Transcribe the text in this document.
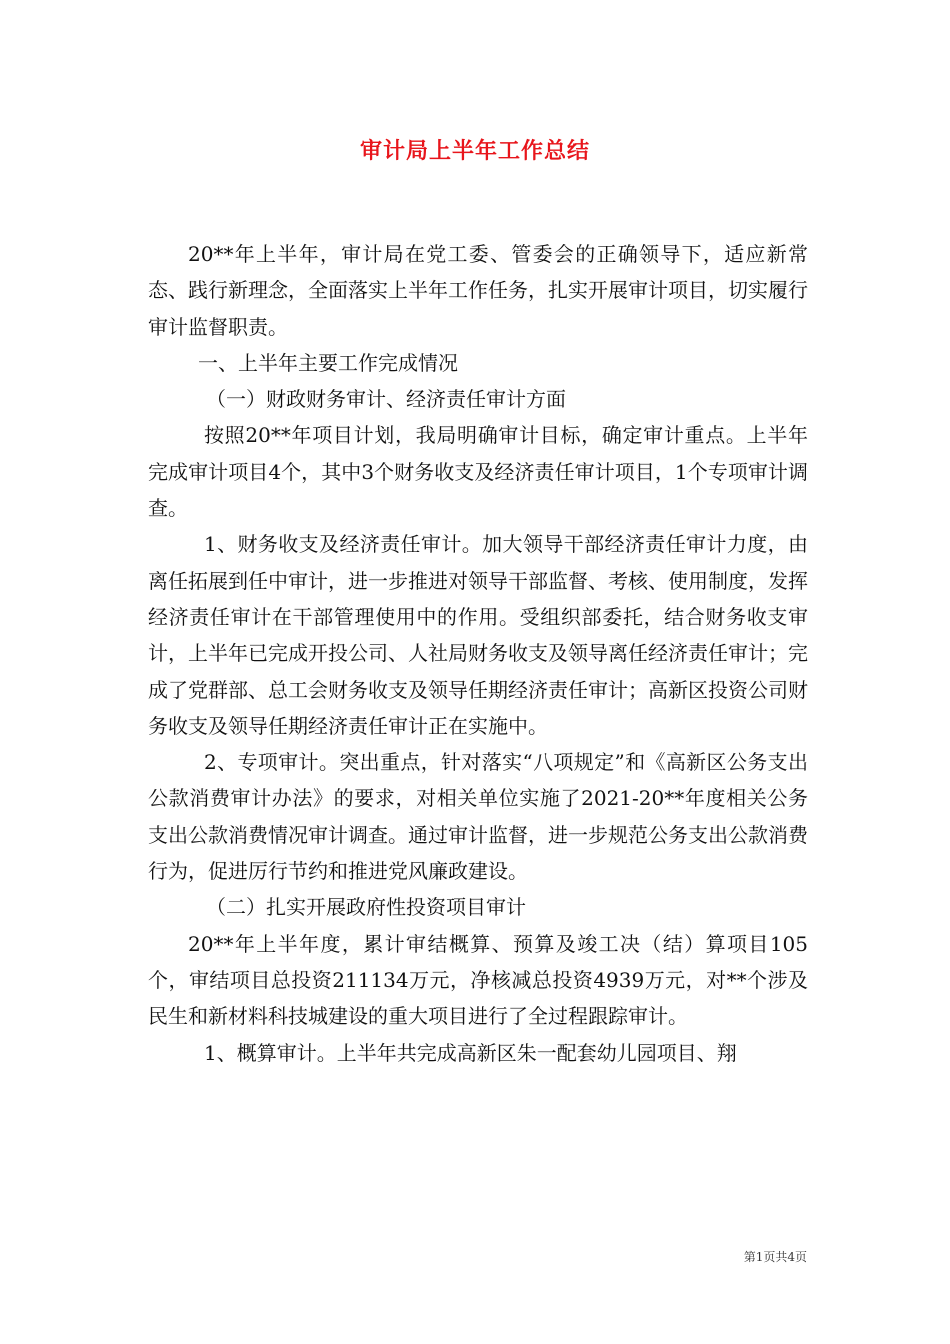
审计局上半年工作总结

20**年上半年，审计局在党工委、管委会的正确领导下，适应新常态、践行新理念，全面落实上半年工作任务，扎实开展审计项目，切实履行审计监督职责。

一、上半年主要工作完成情况

（一）财政财务审计、经济责任审计方面

按照20**年项目计划，我局明确审计目标，确定审计重点。上半年完成审计项目4个，其中3个财务收支及经济责任审计项目，1个专项审计调查。

1、财务收支及经济责任审计。加大领导干部经济责任审计力度，由离任拓展到任中审计，进一步推进对领导干部监督、考核、使用制度，发挥经济责任审计在干部管理使用中的作用。受组织部委托，结合财务收支审计，上半年已完成开投公司、人社局财务收支及领导离任经济责任审计；完成了党群部、总工会财务收支及领导任期经济责任审计；高新区投资公司财务收支及领导任期经济责任审计正在实施中。

2、专项审计。突出重点，针对落实“八项规定”和《高新区公务支出公款消费审计办法》的要求，对相关单位实施了2021-20**年度相关公务支出公款消费情况审计调查。通过审计监督，进一步规范公务支出公款消费行为，促进厉行节约和推进党风廉政建设。

（二）扎实开展政府性投资项目审计

20**年上半年度，累计审结概算、预算及竣工决（结）算项目105个，审结项目总投资211134万元，净核减总投资4939万元，对**个涉及民生和新材料科技城建设的重大项目进行了全过程跟踪审计。

1、概算审计。上半年共完成高新区朱一配套幼儿园项目、翔

第1页共4页
